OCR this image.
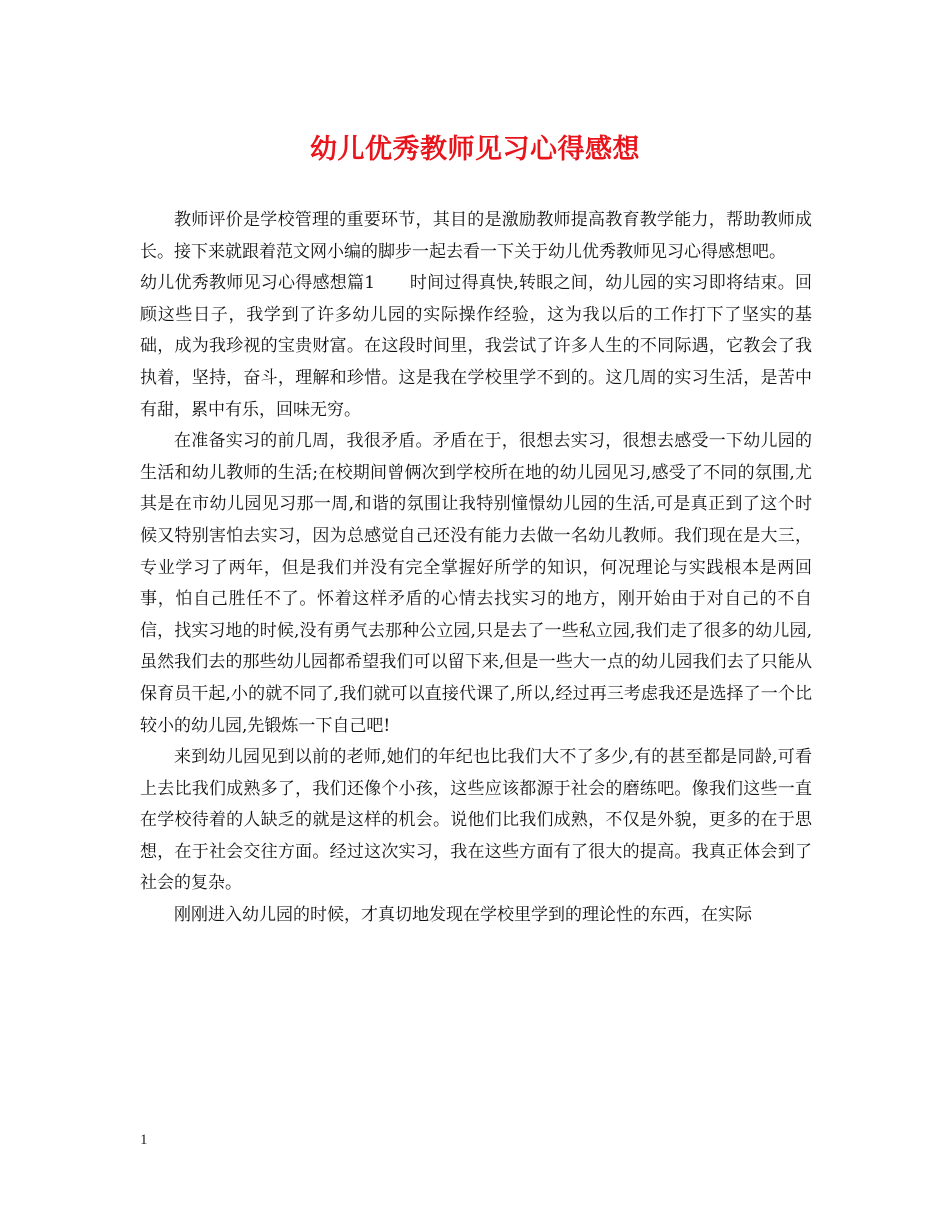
幼儿优秀教师见习心得感想

教师评价是学校管理的重要环节，其目的是激励教师提高教育教学能力，帮助教师成长。接下来就跟着范文网小编的脚步一起去看一下关于幼儿优秀教师见习心得感想吧。

幼儿优秀教师见习心得感想篇1　　时间过得真快,转眼之间，幼儿园的实习即将结束。回顾这些日子，我学到了许多幼儿园的实际操作经验，这为我以后的工作打下了坚实的基础，成为我珍视的宝贵财富。在这段时间里，我尝试了许多人生的不同际遇，它教会了我执着，坚持，奋斗，理解和珍惜。这是我在学校里学不到的。这几周的实习生活，是苦中有甜，累中有乐，回味无穷。

在准备实习的前几周，我很矛盾。矛盾在于，很想去实习，很想去感受一下幼儿园的生活和幼儿教师的生活;在校期间曾俩次到学校所在地的幼儿园见习,感受了不同的氛围,尤其是在市幼儿园见习那一周,和谐的氛围让我特别憧憬幼儿园的生活,可是真正到了这个时候又特别害怕去实习，因为总感觉自己还没有能力去做一名幼儿教师。我们现在是大三，专业学习了两年，但是我们并没有完全掌握好所学的知识，何况理论与实践根本是两回事，怕自己胜任不了。怀着这样矛盾的心情去找实习的地方，刚开始由于对自己的不自信，找实习地的时候,没有勇气去那种公立园,只是去了一些私立园,我们走了很多的幼儿园,虽然我们去的那些幼儿园都希望我们可以留下来,但是一些大一点的幼儿园我们去了只能从保育员干起,小的就不同了,我们就可以直接代课了,所以,经过再三考虑我还是选择了一个比较小的幼儿园,先锻炼一下自己吧!

来到幼儿园见到以前的老师,她们的年纪也比我们大不了多少,有的甚至都是同龄,可看上去比我们成熟多了，我们还像个小孩，这些应该都源于社会的磨练吧。像我们这些一直在学校待着的人缺乏的就是这样的机会。说他们比我们成熟，不仅是外貌，更多的在于思想，在于社会交往方面。经过这次实习，我在这些方面有了很大的提高。我真正体会到了社会的复杂。

刚刚进入幼儿园的时候，才真切地发现在学校里学到的理论性的东西，在实际

1
